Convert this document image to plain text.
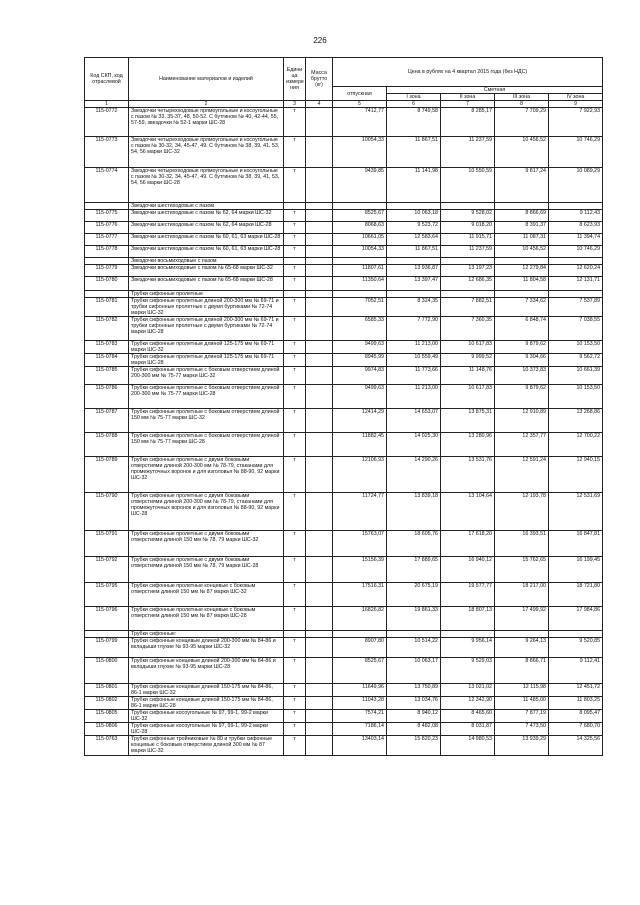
226
Код СКП, код отраслевой	Наименование материалов и изделий	Едини ца измере ния	Масса брутто (кг)	Цена в рублях на 4 квартал 2015 года (без НДС)				
				отпускная	Сметная			
					I зона	II зона	III зона	IV зона
1	2	3	4	5	6	7	8	9
115-0772	Звездочки четырехходовые прямоугольные и косоугольные с пазом № 33, 35-37, 48, 50-52. С бутгином № 40, 42-44, 55, 57-59, звездочки № 52-1 марки ШС-28	т		7412,77	8 749,58	8 285,17	7 709,29	7 922,93
115-0773	Звездочки четырехходовые прямоугольные и косоугольные с пазом № 30-32, 34, 45-47, 49. С бутгином № 38, 39, 41, 53, 54, 56 марки ШС-32	т		10054,33	11 867,51	11 237,59	10 456,52	10 746,29
115-0774	Звездочки четырехходовые прямоугольные и косоугольные с пазом № 30-32, 34, 45-47, 49. С бутгином № 38, 39, 41, 53, 54, 56 марки ШС-28	т		9439,85	11 141,98	10 550,59	9 817,24	10 089,29
	Звездочки шестиходовые с пазом							
115-0775	Звездочки шестиходовые с пазом № 62, 64 марки ШС-32	т		8525,67	10 063,18	9 528,02	8 866,69	9 112,43
115-0776	Звездочки шестиходовые с пазом № 62, 64 марки ШС-28	т		8068,63	9 523,72	9 018,20	8 391,37	8 623,93
115-0777	Звездочки шестиходовые с пазом № 60, 61, 63 марки ШС-28	т		10661,05	12 583,64	11 915,71	11 087,31	11 394,74
115-0778	Звездочки шестиходовые с пазом № 60, 61, 63 марки ШС-28	т		10054,33	11 867,51	11 237,59	10 456,52	10 746,29
	Звездочки восьмиходовые с пазом							
115-0779	Звездочки восьмиходовые с пазом № 65-68 марки ШС-32	т		11807,61	13 936,87	13 197,23	12 279,84	12 620,24
115-0780	Звездочки восьмиходовые с пазом № 65-68 марки ШС-28	т		11350,64	13 397,47	12 686,35	11 804,58	12 131,71
	Трубки сифонные пролетные							
115-0781	Трубки сифонные пролетные длиной 200-300 мм № 69-71 и трубки сифонные пролетные с двумя буртиками № 72-74 марки ШС-32	т		7052,51	8 324,35	7 882,51	7 334,62	7 537,89
115-0782	Трубки сифонные пролетные длиной 200-300 мм № 69-71 и трубки сифонные пролетные с двумя буртиками № 72-74 марки ШС-28	т		6585,33	7 772,90	7 360,35	6 848,74	7 038,55
115-0783	Трубки сифонные пролетные длиной 125-175 мм № 69-71 марки ШС-32	т		9499,63	11 213,00	10 617,83	9 879,62	10 153,50
115-0784	Трубки сифонные пролетные длиной 125-175 мм № 69-71 марки ШС-28	т		8945,99	10 559,49	9 999,52	9 304,66	9 562,72
115-0785	Трубки сифонные пролетные с боковым отверстием длиной 200-300 мм № 75-77 марки ШС-32	т		9974,83	11 773,66	11 148,76	10 373,83	10 661,39
115-0786	Трубки сифонные пролетные с боковым отверстием длиной 200-300 мм № 75-77 марки ШС-28	т		9499,63	11 213,00	10 617,83	9 879,62	10 153,50
115-0787	Трубки сифонные пролетные с боковым отверстием длиной 150 мм № 75-77 марки ШС-32	т		12414,29	14 653,07	13 875,31	12 910,89	13 268,86
115-0788	Трубки сифонные пролетные с боковым отверстием длиной 150 мм № 75-77 марки ШС-28	т		11882,45	14 025,30	13 280,96	12 357,77	12 700,22
115-0789	Трубки сифонные пролетные с двумя боковыми отверстиями длиной 200-300 мм № 78-79, стаканами для промежуточных воронок и для изголовья № 88-90, 92 марки ШС-32	т		12106,93	14 290,26	13 531,76	12 591,24	12 940,15
115-0790	Трубки сифонные пролетные с двумя боковыми отверстиями длиной 200-300 мм № 78-79, стаканами для промежуточных воронок и для изголовья № 88-90, 92 марки ШС-28	т		11724,77	13 839,18	13 104,64	12 193,78	12 531,69
115-0791	Трубки сифонные пролетные с двумя боковыми отверстиями длиной 150 мм № 78, 79 марки ШС-32	т		15763,07	18 605,76	17 618,20	16 393,51	16 847,81
115-0792	Трубки сифонные пролетные с двумя боковыми отверстиями длиной 150 мм № 78, 79 марки ШС-28	т		15156,39	17 889,65	16 940,12	15 762,65	16 199,45
115-0795	Трубки сифонные пролетные концевые с боковым отверстием длиной 150 мм № 87 марки ШС-32	т		17516,31	20 675,19	19 577,77	18 217,00	18 721,80
115-0796	Трубки сифонные пролетные концевые с боковым отверстием длиной 150 мм № 87 марки ШС-28	т		16826,82	19 861,33	18 807,13	17 499,92	17 984,86
	Трубки сифонные:							
115-0799	Трубки сифонные концевые длиной 200-300 мм № 84-86 и вкладыши глухие № 93-95 марки ШС-32	т		8907,80	10 514,22	9 956,14	9 264,13	9 520,85
115-0800	Трубки сифонные концевые длиной 200-300 мм № 84-86 и вкладыши глухие № 93-95 марки ШС-28	т		8525,67	10 063,17	9 529,03	8 866,71	9 112,41
115-0801	Трубки сифонные концевые длиной 150-175 мм № 84-86, 86-1 марки ШС-32	т		11649,96	13 750,89	13 021,02	12 115,98	12 451,72
115-0802	Трубки сифонные концевые длиной 150-175 мм № 84-86, 86-1 марки ШС-28	т		11043,28	13 034,76	12 342,90	11 485,00	11 803,25
115-0805	Трубки сифонные косоугольные № 97, 99-1, 99-2 марки ШС-32	т		7574,21	8 940,12	8 465,60	7 877,19	8 095,47
115-0806	Трубки сифонные косоугольные № 97, 99-1, 99-2 марки ШС-28	т		7186,14	8 482,08	8 031,87	7 473,50	7 680,70
115-0763	Трубки сифонные тройниковые № 80 и трубки сифонные концевые с боковым отверстием длиной 300 мм № 87 марки ШС-32	т		13403,14	15 820,23	14 980,53	13 939,29	14 325,56
